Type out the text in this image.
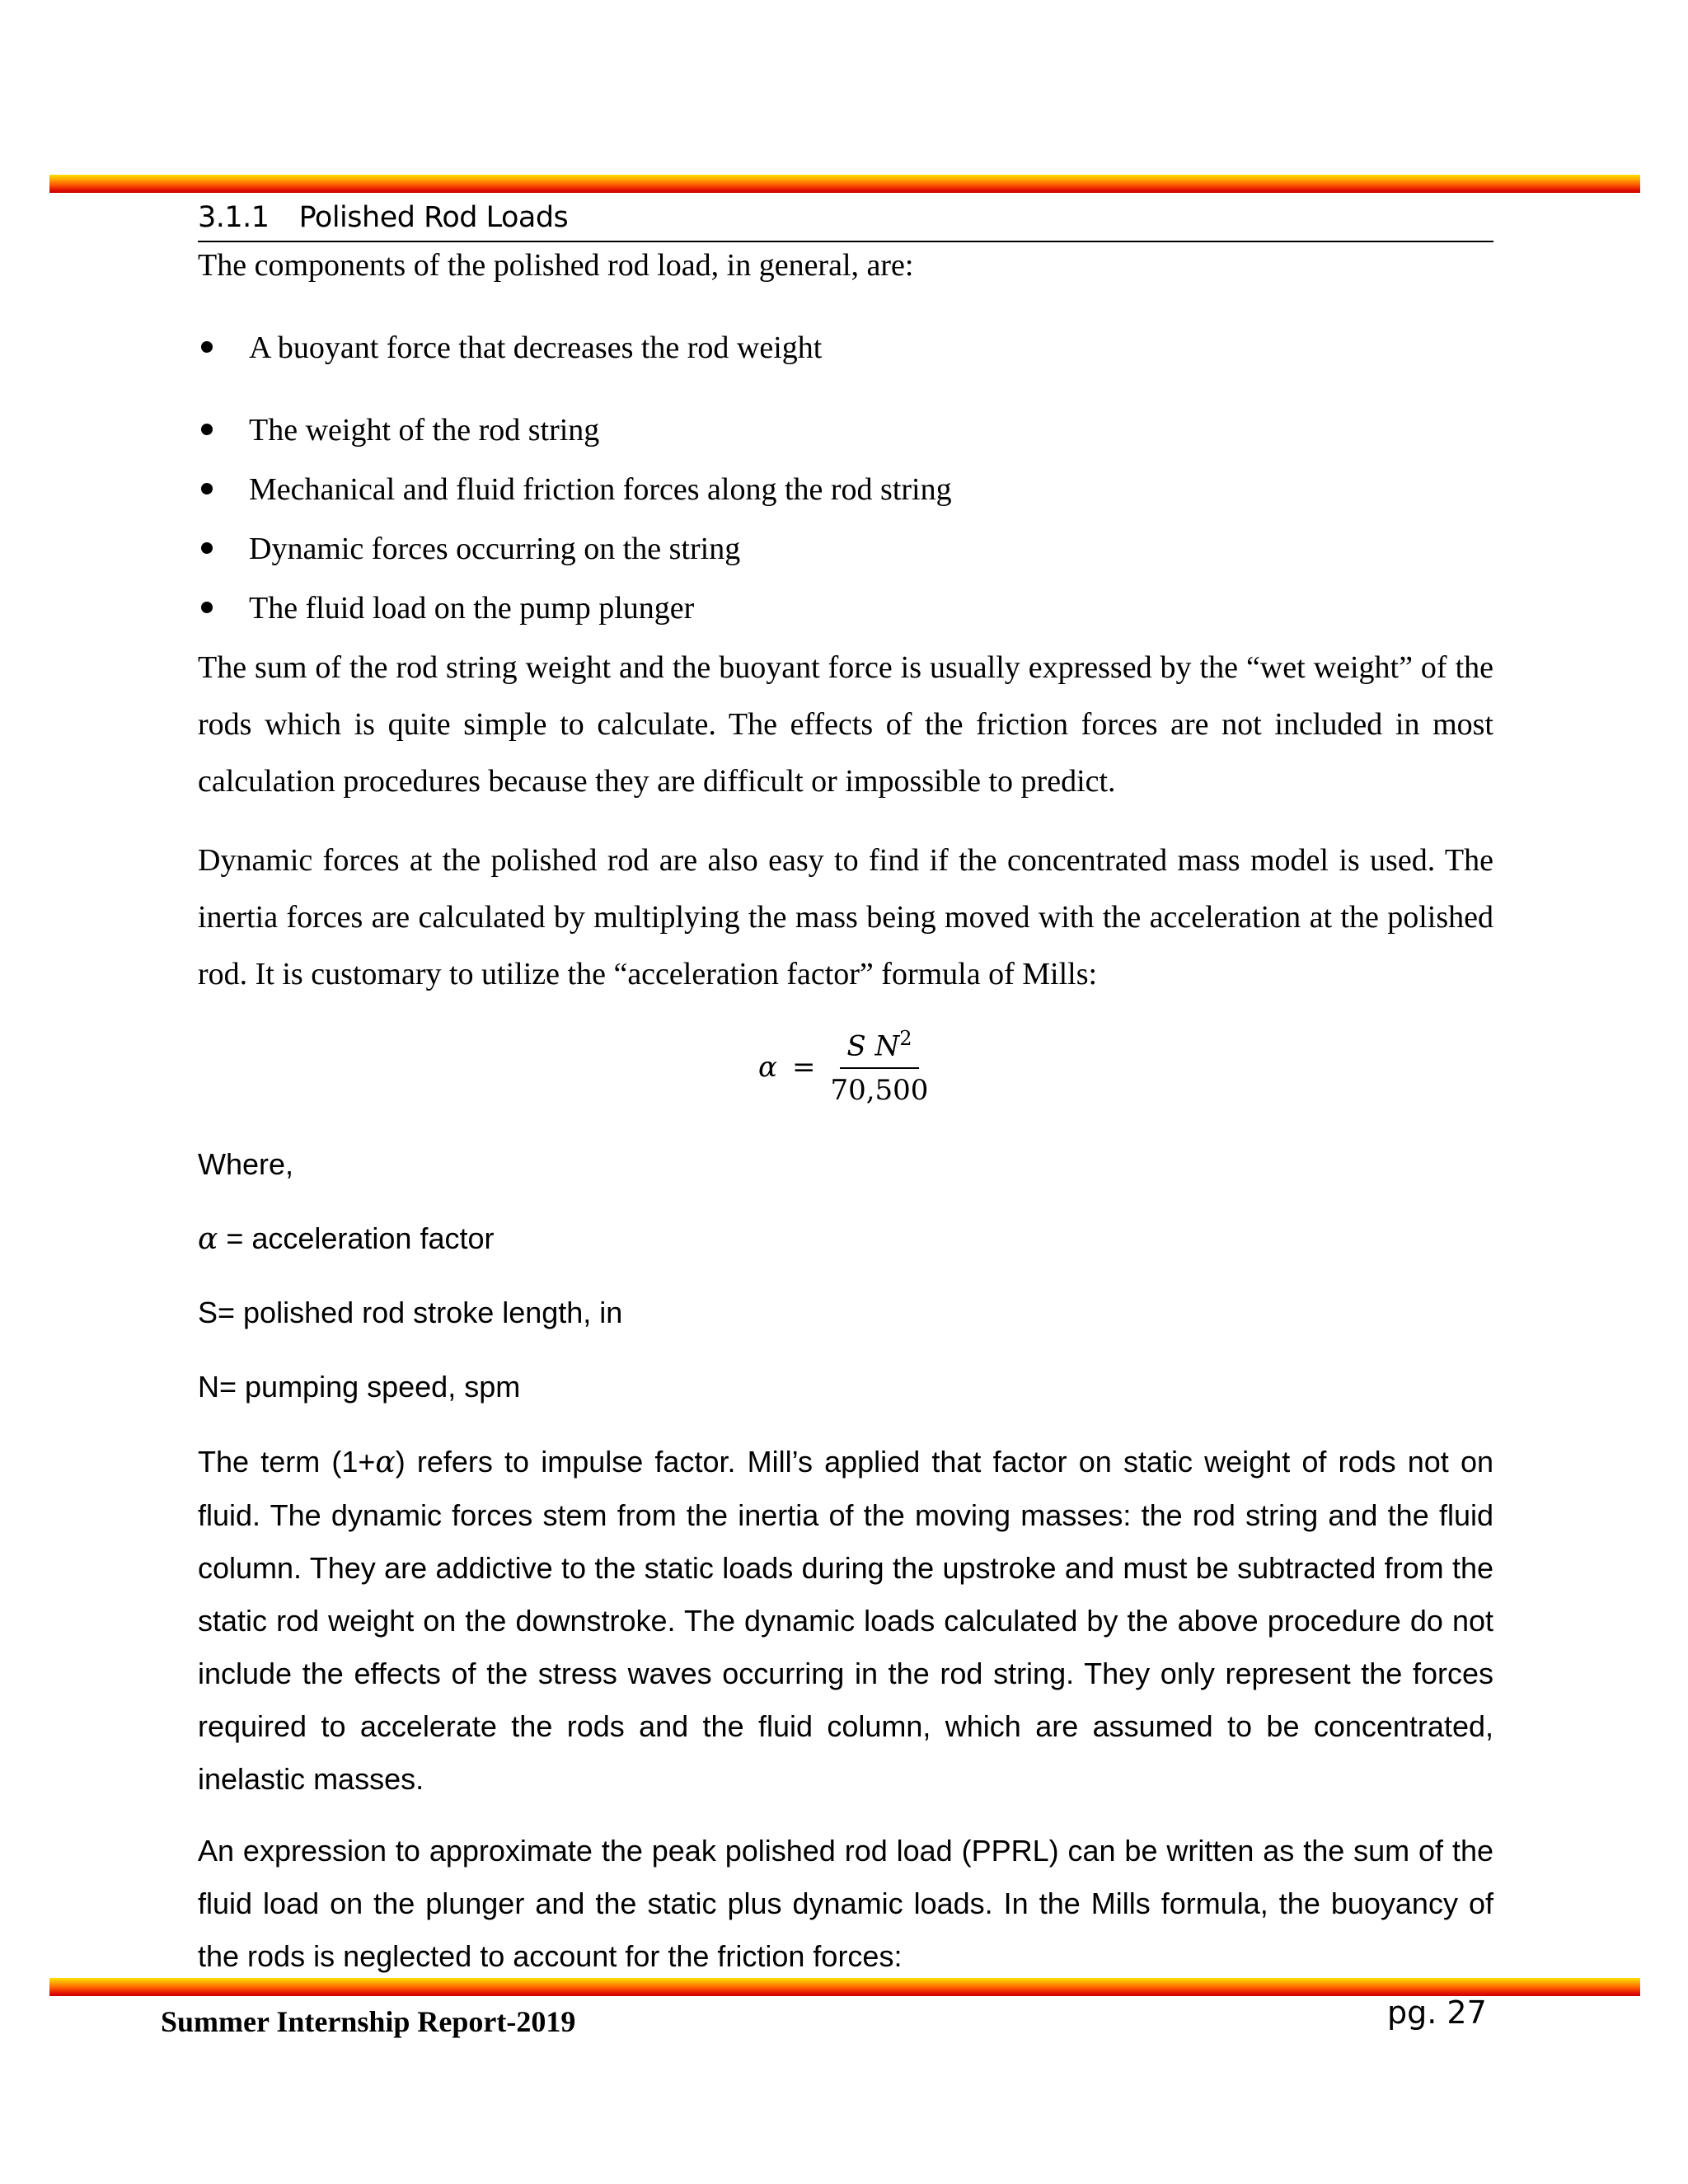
3.1.1 Polished Rod Loads

The components of the polished rod load, in general, are:

A buoyant force that decreases the rod weight
The weight of the rod string
Mechanical and fluid friction forces along the rod string
Dynamic forces occurring on the string
The fluid load on the pump plunger

The sum of the rod string weight and the buoyant force is usually expressed by the “wet weight” of the rods which is quite simple to calculate. The effects of the friction forces are not included in most calculation procedures because they are difficult or impossible to predict.

Dynamic forces at the polished rod are also easy to find if the concentrated mass model is used. The inertia forces are calculated by multiplying the mass being moved with the acceleration at the polished rod. It is customary to utilize the “acceleration factor” formula of Mills:

$\alpha = \frac{S N^2}{70,500}$
Where,
α = acceleration factor
S= polished rod stroke length, in
N= pumping speed, spm

The term (1+α) refers to impulse factor. Mill’s applied that factor on static weight of rods not on fluid. The dynamic forces stem from the inertia of the moving masses: the rod string and the fluid column. They are addictive to the static loads during the upstroke and must be subtracted from the static rod weight on the downstroke. The dynamic loads calculated by the above procedure do not include the effects of the stress waves occurring in the rod string. They only represent the forces required to accelerate the rods and the fluid column, which are assumed to be concentrated, inelastic masses.

An expression to approximate the peak polished rod load (PPRL) can be written as the sum of the fluid load on the plunger and the static plus dynamic loads. In the Mills formula, the buoyancy of the rods is neglected to account for the friction forces:

Summer Internship Report-2019	pg. 27
